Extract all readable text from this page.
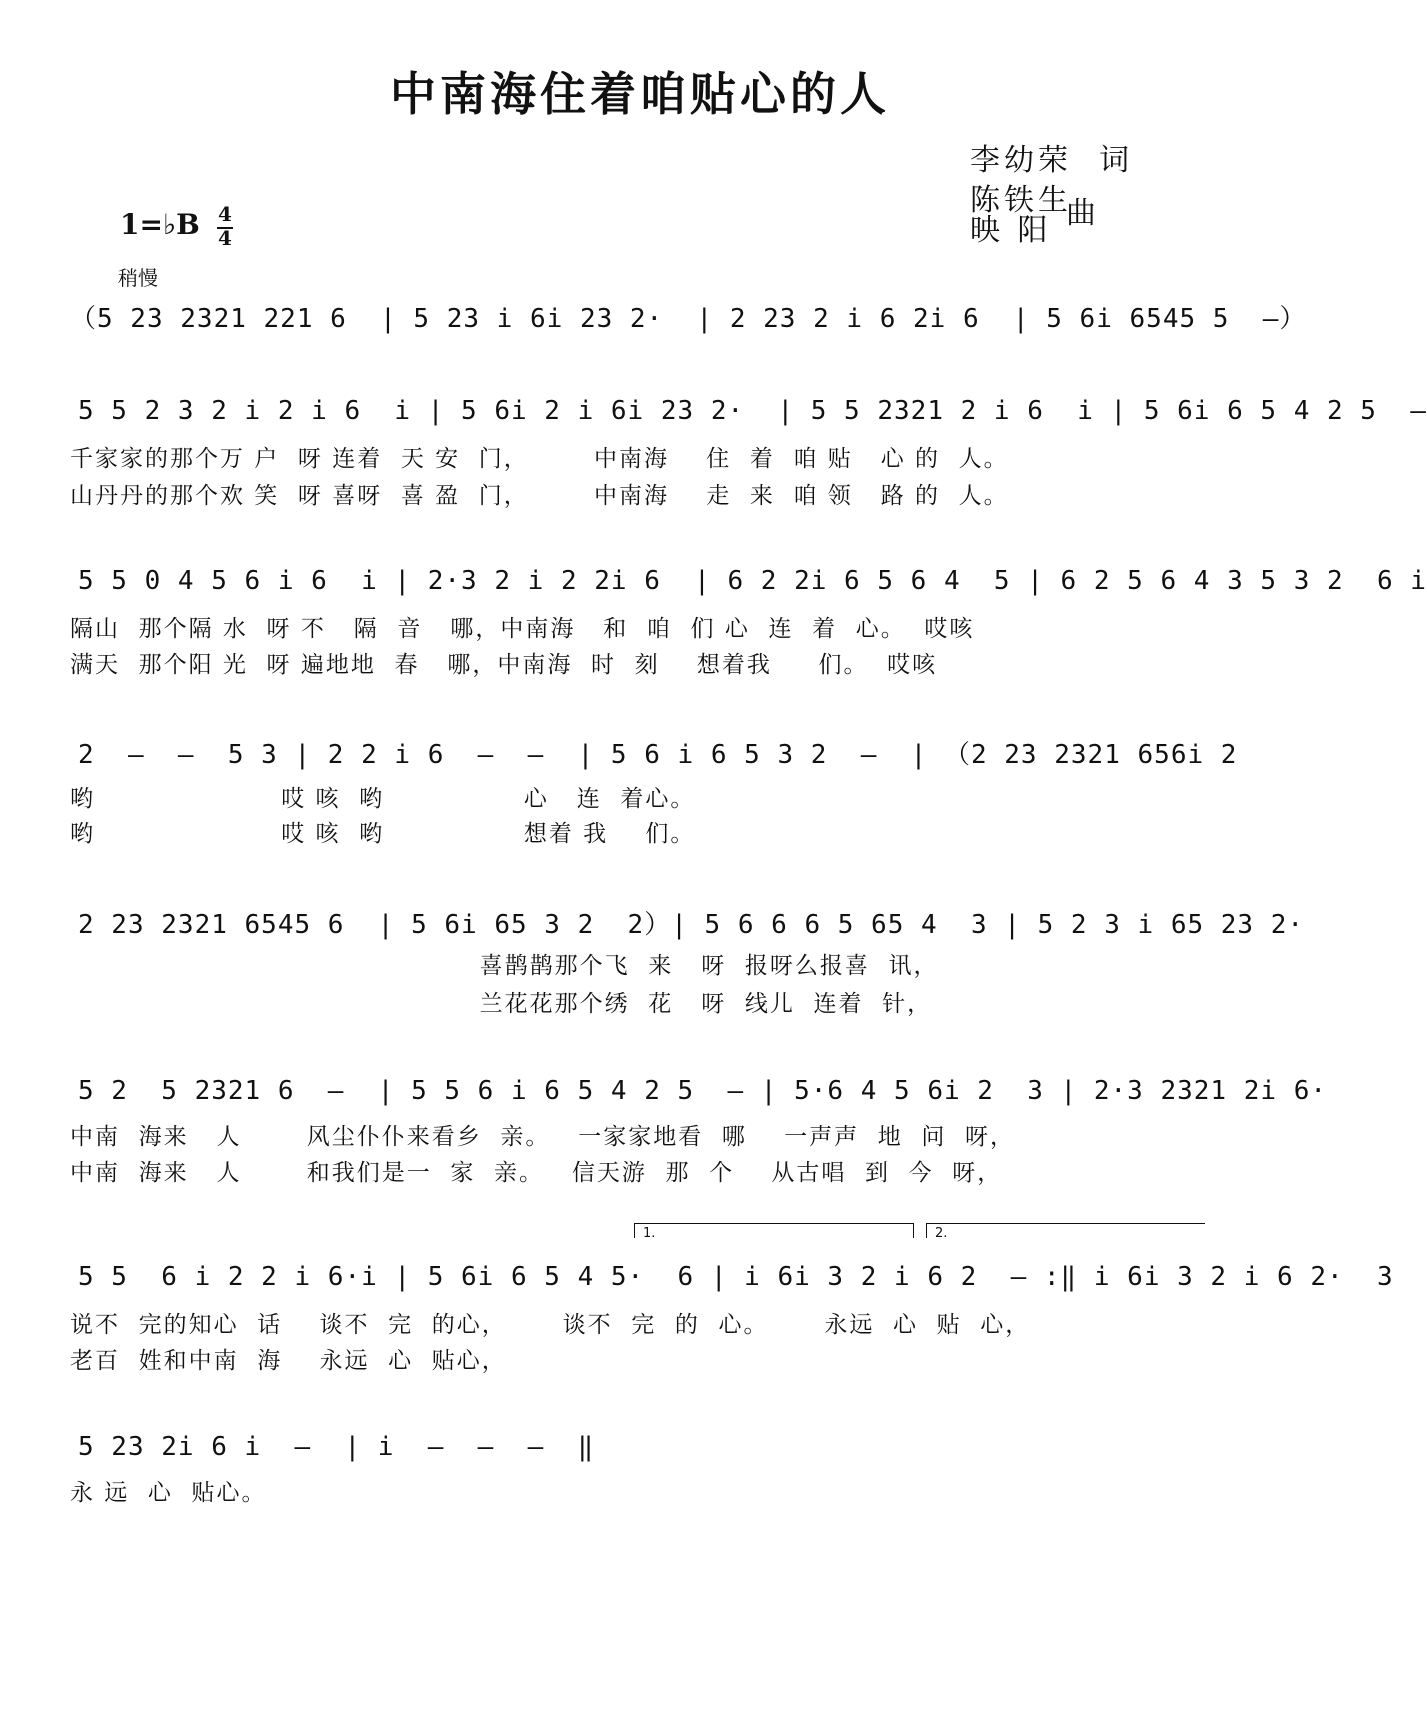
中南海住着咱贴心的人
李幼荣 词
陈铁生
曲
映 阳
1=♭B 4
4
稍慢
（5 23 2321 221 6  | 5 23 i 6i 23 2·  | 2 23 2 i 6 2i 6  | 5 6i 6545 5  –）
5 5 2 3 2 i 2 i 6  i | 5 6i 2 i 6i 23 2·  | 5 5 2321 2 i 6  i | 5 6i 6 5 4 2 5  –
千家家的那个万 户  呀 连着  天 安  门，       中南海    住  着  咱 贴   心 的  人。
山丹丹的那个欢 笑  呀 喜呀  喜 盈  门，       中南海    走  来  咱 领   路 的  人。
5 5 0 4 5 6 i 6  i | 2·3 2 i 2 2i 6  | 6 2 2i 6 5 6 4  5 | 6 2 5 6 4 3 5 3 2  6 i
隔山  那个隔 水  呀 不   隔  音   哪，中南海   和  咱  们 心  连  着  心。  哎咳
满天  那个阳 光  呀 遍地地  春   哪，中南海  时  刻    想着我     们。  哎咳
2  –  –  5 3 | 2 2 i 6  –  –  | 5 6 i 6 5 3 2  –  | （2 23 2321 656i 2
哟                    哎 咳  哟               心   连  着心。
哟                    哎 咳  哟               想着 我    们。
2 23 2321 6545 6  | 5 6i 65 3 2  2）| 5 6 6 6 5 65 4  3 | 5 2 3 i 65 23 2·
喜鹊鹊那个飞  来   呀  报呀么报喜  讯，
兰花花那个绣  花   呀  线儿  连着  针，
5 2  5 2321 6  –  | 5 5 6 i 6 5 4 2 5  – | 5·6 4 5 6i 2  3 | 2·3 2321 2i 6·
中南  海来   人       风尘仆仆来看乡  亲。   一家家地看  哪    一声声  地  问  呀，
中南  海来   人       和我们是一  家  亲。   信天游  那  个    从古唱  到  今  呀，
1.	2.
5 5  6 i 2 2 i 6·i | 5 6i 6 5 4 5·  6 | i 6i 3 2 i 6 2  – :‖ i 6i 3 2 i 6 2·  3
说不  完的知心  话    谈不  完  的心，      谈不  完  的  心。      永远  心  贴  心，
老百  姓和中南  海    永远  心  贴心，
5 23 2i 6 i  –  | i  –  –  –  ‖
永 远  心  贴心。
